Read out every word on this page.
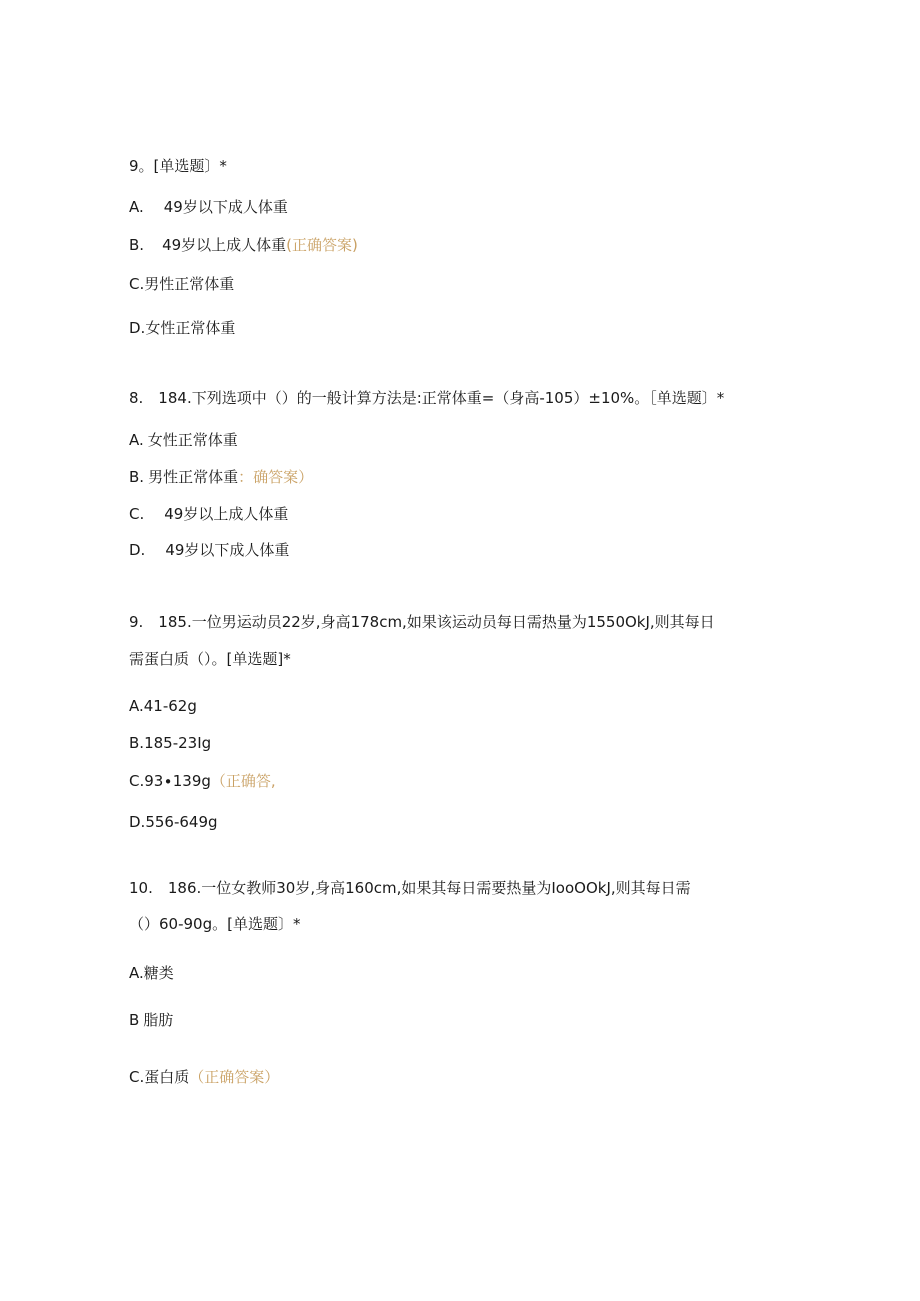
9。[单选题〕*
A. 49岁以下成人体重
B. 49岁以上成人体重(正确答案)
C.男性正常体重
D.女性正常体重
8.　184.下列选项中（）的一般计算方法是:正常体重=（身高-105）±10%。［单选题〕*
A. 女性正常体重
B. 男性正常体重：确答案）
C. 49岁以上成人体重
D. 49岁以下成人体重
9.　185.一位男运动员22岁,身高178cm,如果该运动员每日需热量为1550OkJ,则其每日
需蛋白质（）。[单选题]*
A.41-62g
B.185-23Ig
C.93∙139g（正确答,
D.556-649g
10.　186.一位女教师30岁,身高160cm,如果其每日需要热量为IooOOkJ,则其每日需
（）60-90g。[单选题〕*
A.糖类
B 脂肪
C.蛋白质（正确答案）
